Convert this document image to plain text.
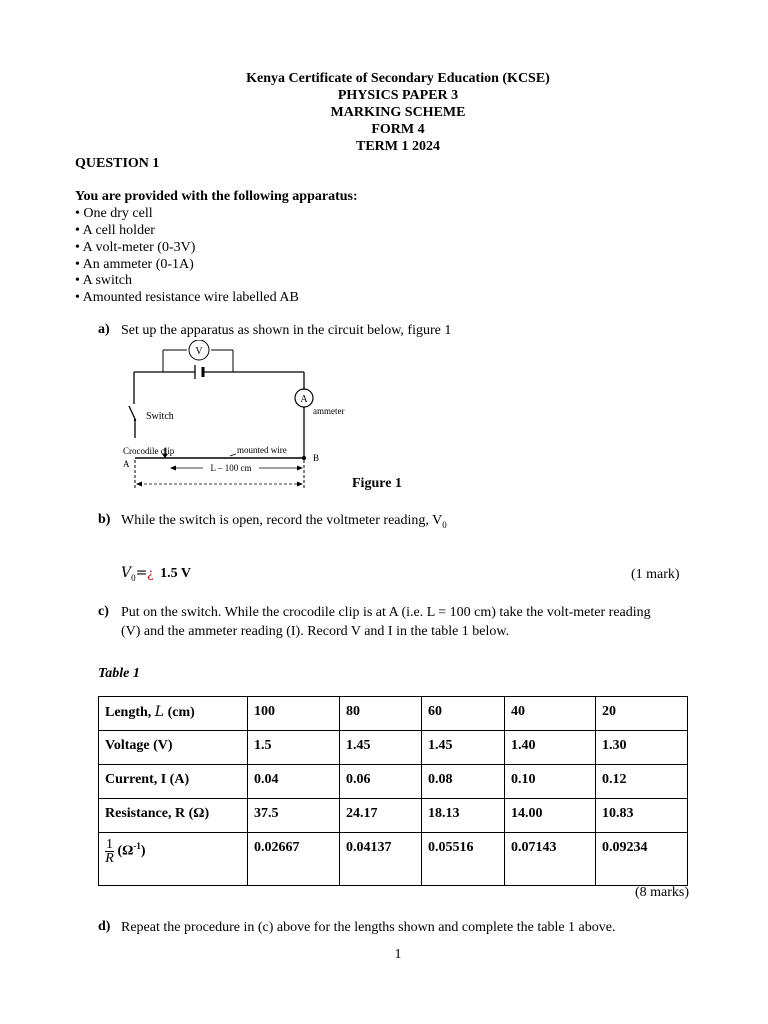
Kenya Certificate of Secondary Education (KCSE)
PHYSICS PAPER 3
MARKING SCHEME
FORM 4
TERM 1 2024
QUESTION 1
You are provided with the following apparatus:
• One dry cell
• A cell holder
• A volt-meter (0-3V)
• An ammeter (0-1A)
• A switch
• Amounted resistance wire labelled AB
a) Set up the apparatus as shown in the circuit below, figure 1
V
A
ammeter
Switch
Crocodile clip	mounted wire
A
B
L – 100 cm
Figure 1
b) While the switch is open, record the voltmeter reading, $V_0$
$V_0=¿$ 1.5 V	(1 mark)
c) Put on the switch. While the crocodile clip is at A (i.e. L = 100 cm) take the volt-meter reading
(V) and the ammeter reading (I). Record V and I in the table 1 below.
Table 1
Length, L (cm)	100	80	60	40	20
Voltage (V)	1.5	1.45	1.45	1.40	1.30
Current, I (A)	0.04	0.06	0.08	0.10	0.12
Resistance, R (Ω)	37.5	24.17	18.13	14.00	10.83

$\frac{1}{R} (\Omega^{-1})$	0.02667	0.04137	0.05516	0.07143	0.09234
(8 marks)
d) Repeat the procedure in (c) above for the lengths shown and complete the table 1 above.
1
